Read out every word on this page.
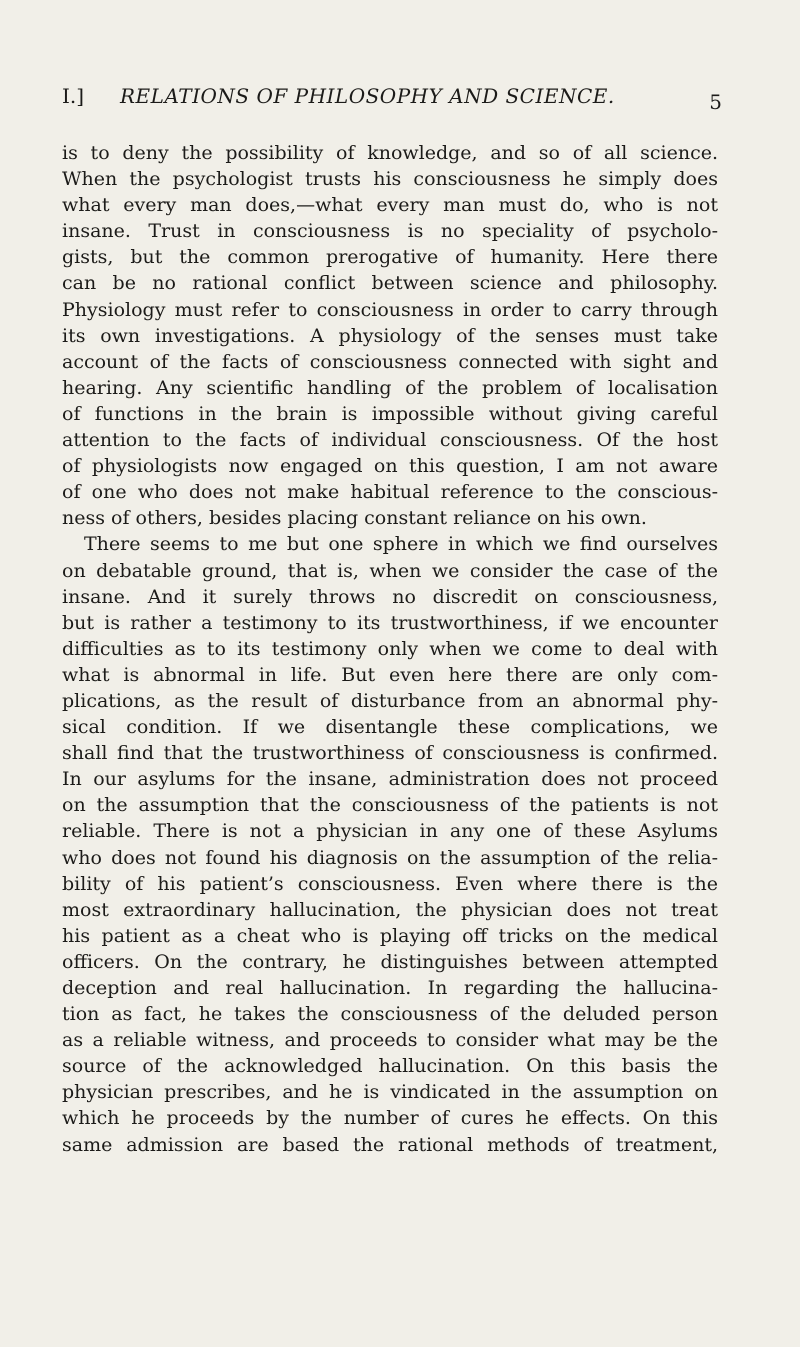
I.] RELATIONS OF PHILOSOPHY AND SCIENCE.	5
is to deny the possibility of knowledge, and so of all science.
When the psychologist trusts his consciousness he simply does
what every man does,—what every man must do, who is not
insane. Trust in consciousness is no speciality of psycholo-
gists, but the common prerogative of humanity. Here there
can be no rational conflict between science and philosophy.
Physiology must refer to consciousness in order to carry through
its own investigations. A physiology of the senses must take
account of the facts of consciousness connected with sight and
hearing. Any scientific handling of the problem of localisation
of functions in the brain is impossible without giving careful
attention to the facts of individual consciousness. Of the host
of physiologists now engaged on this question, I am not aware
of one who does not make habitual reference to the conscious-
ness of others, besides placing constant reliance on his own.
There seems to me but one sphere in which we find ourselves
on debatable ground, that is, when we consider the case of the
insane. And it surely throws no discredit on consciousness,
but is rather a testimony to its trustworthiness, if we encounter
difficulties as to its testimony only when we come to deal with
what is abnormal in life. But even here there are only com-
plications, as the result of disturbance from an abnormal phy-
sical condition. If we disentangle these complications, we
shall find that the trustworthiness of consciousness is confirmed.
In our asylums for the insane, administration does not proceed
on the assumption that the consciousness of the patients is not
reliable. There is not a physician in any one of these Asylums
who does not found his diagnosis on the assumption of the relia-
bility of his patient’s consciousness. Even where there is the
most extraordinary hallucination, the physician does not treat
his patient as a cheat who is playing off tricks on the medical
officers. On the contrary, he distinguishes between attempted
deception and real hallucination. In regarding the hallucina-
tion as fact, he takes the consciousness of the deluded person
as a reliable witness, and proceeds to consider what may be the
source of the acknowledged hallucination. On this basis the
physician prescribes, and he is vindicated in the assumption on
which he proceeds by the number of cures he effects. On this
same admission are based the rational methods of treatment,
